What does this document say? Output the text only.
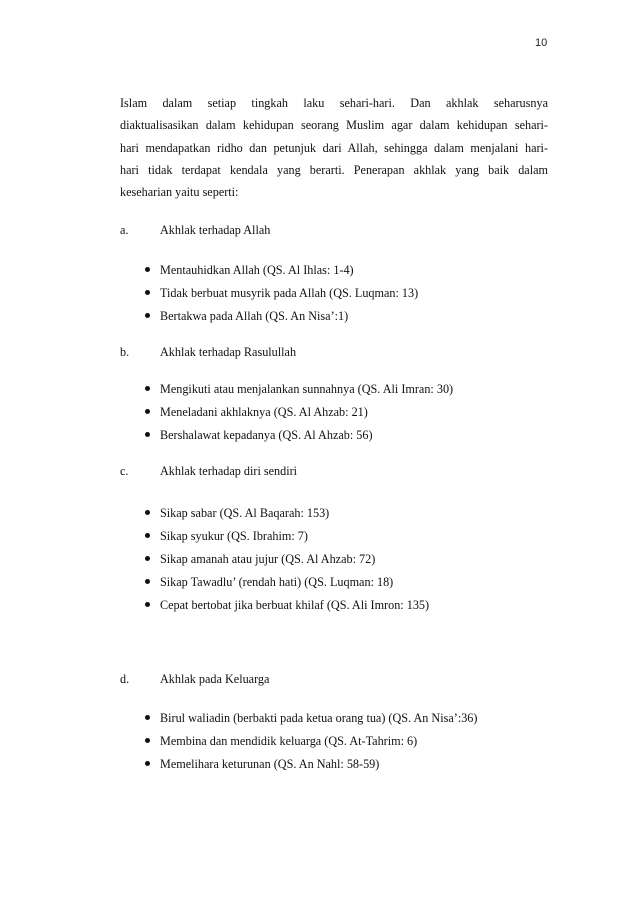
10
Islam dalam setiap tingkah laku sehari-hari. Dan akhlak seharusnya
diaktualisasikan dalam kehidupan seorang Muslim agar dalam kehidupan sehari-
hari mendapatkan ridho dan petunjuk dari Allah, sehingga dalam menjalani hari-
hari tidak terdapat kendala yang berarti. Penerapan akhlak yang baik dalam
keseharian yaitu seperti:
a.	Akhlak terhadap Allah
Mentauhidkan Allah (QS. Al Ihlas: 1-4)
Tidak berbuat musyrik pada Allah (QS. Luqman: 13)
Bertakwa pada Allah (QS. An Nisa’:1)
b.	Akhlak terhadap Rasulullah
Mengikuti atau menjalankan sunnahnya (QS. Ali Imran: 30)
Meneladani akhlaknya (QS. Al Ahzab: 21)
Bershalawat kepadanya (QS. Al Ahzab: 56)
c.	Akhlak terhadap diri sendiri
Sikap sabar (QS. Al Baqarah: 153)
Sikap syukur (QS. Ibrahim: 7)
Sikap amanah atau jujur (QS. Al Ahzab: 72)
Sikap Tawadlu’ (rendah hati) (QS. Luqman: 18)
Cepat bertobat jika berbuat khilaf (QS. Ali Imron: 135)
d.	Akhlak pada Keluarga
Birul waliadin (berbakti pada ketua orang tua) (QS. An Nisa’:36)
Membina dan mendidik keluarga (QS. At-Tahrim: 6)
Memelihara keturunan (QS. An Nahl: 58-59)
